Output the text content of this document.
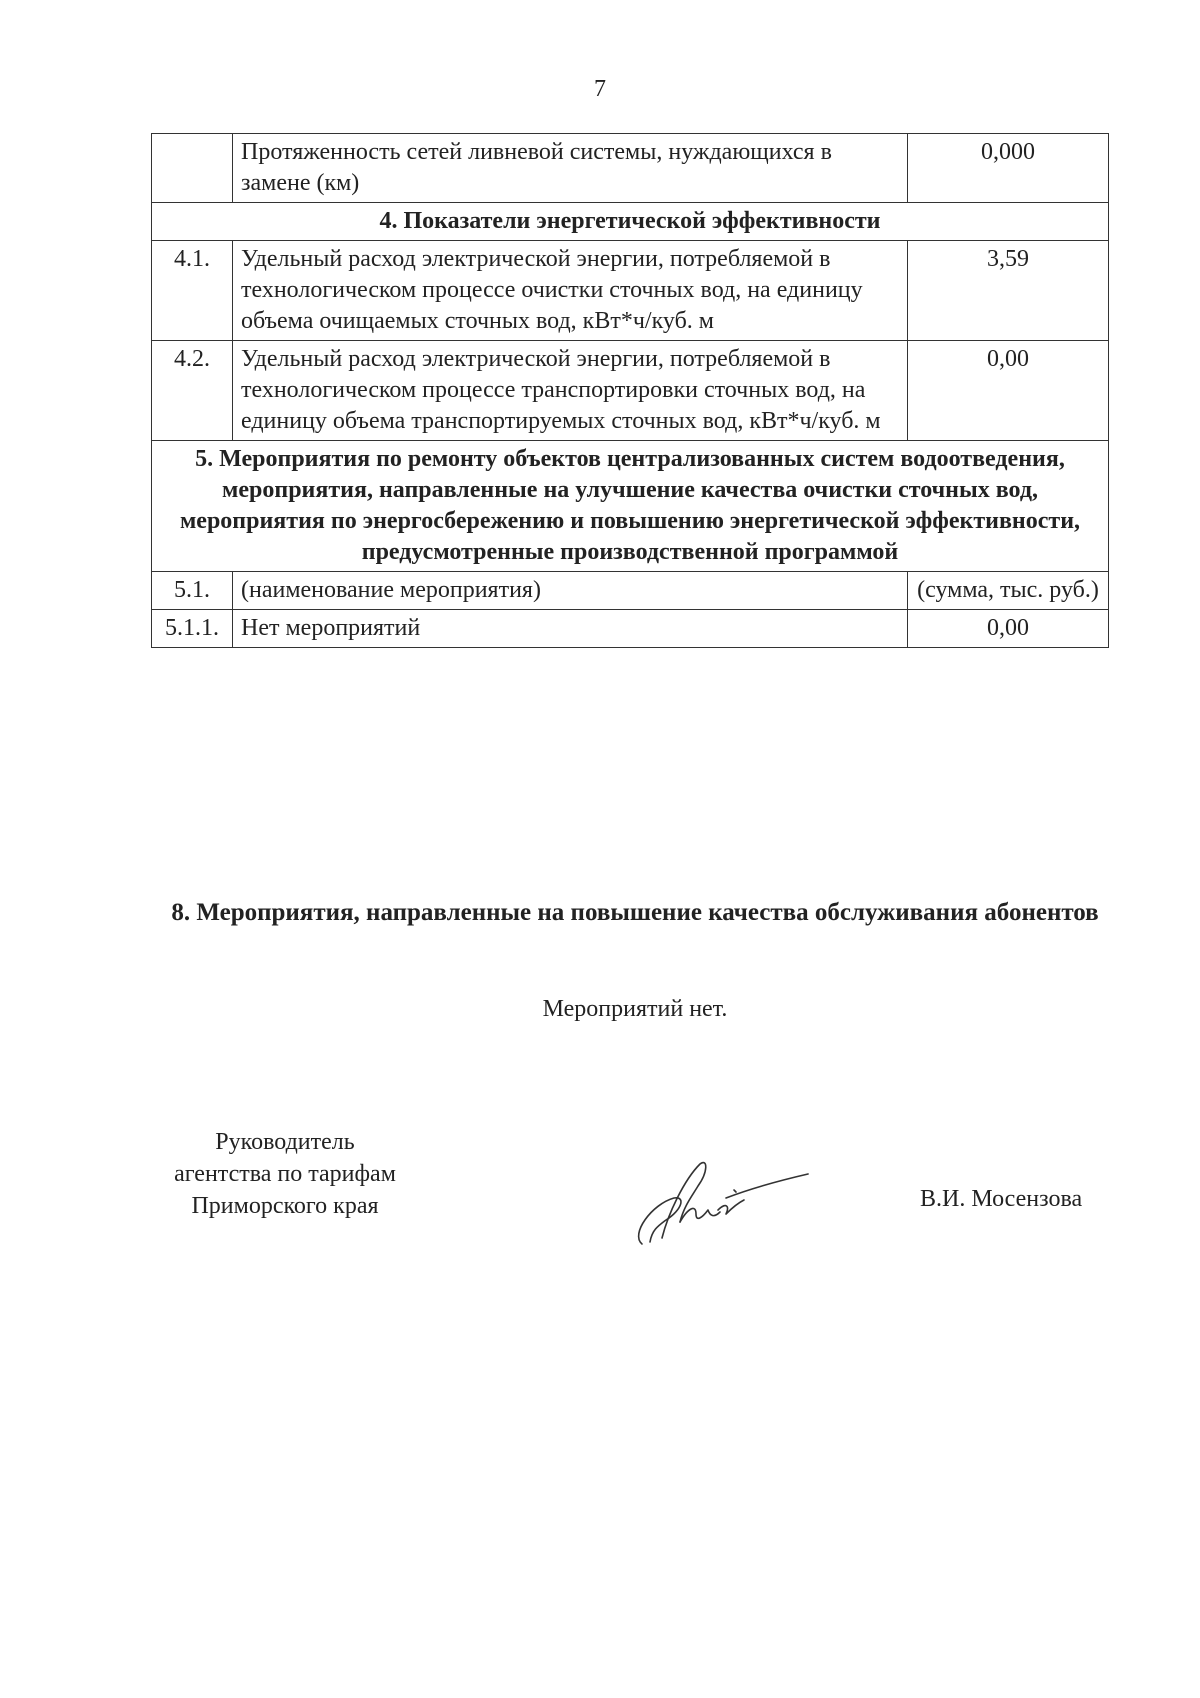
7
	Протяженность сетей ливневой системы, нуждающихся в замене (км)	0,000
4. Показатели энергетической эффективности		
4.1.	Удельный расход электрической энергии, потребляемой в технологическом процессе очистки сточных вод, на единицу объема очищаемых сточных вод, кВт*ч/куб. м	3,59
4.2.	Удельный расход электрической энергии, потребляемой в технологическом процессе транспортировки сточных вод, на единицу объема транспортируемых сточных вод, кВт*ч/куб. м	0,00
5. Мероприятия по ремонту объектов централизованных систем водоотведения, мероприятия, направленные на улучшение качества очистки сточных вод, мероприятия по энергосбережению и повышению энергетической эффективности, предусмотренные производственной программой		
5.1.	(наименование мероприятия)	(сумма, тыс. руб.)
5.1.1.	Нет мероприятий	0,00
8. Мероприятия, направленные на повышение качества обслуживания абонентов
Мероприятий нет.
Руководитель
агентства по тарифам
Приморского края	В.И. Мосензова
